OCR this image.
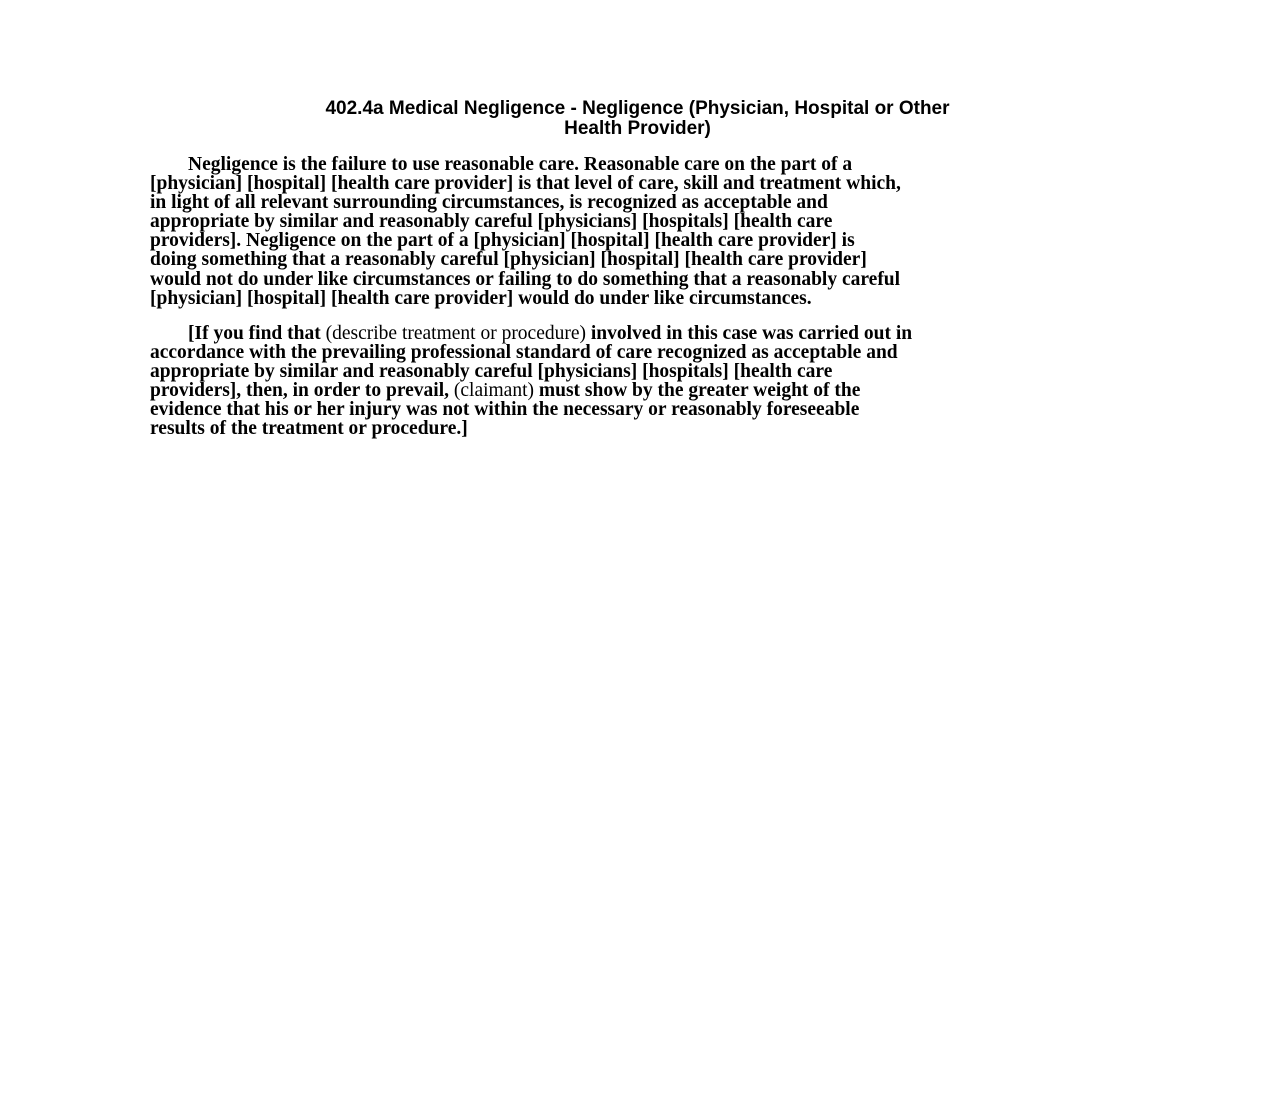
402.4a Medical Negligence - Negligence (Physician, Hospital or Other
Health Provider)
Negligence is the failure to use reasonable care. Reasonable care on the part of a
[physician] [hospital] [health care provider] is that level of care, skill and treatment which,
in light of all relevant surrounding circumstances, is recognized as acceptable and
appropriate by similar and reasonably careful [physicians] [hospitals] [health care
providers]. Negligence on the part of a [physician] [hospital] [health care provider] is
doing something that a reasonably careful [physician] [hospital] [health care provider]
would not do under like circumstances or failing to do something that a reasonably careful
[physician] [hospital] [health care provider] would do under like circumstances.
[If you find that (describe treatment or procedure) involved in this case was carried out in
accordance with the prevailing professional standard of care recognized as acceptable and
appropriate by similar and reasonably careful [physicians] [hospitals] [health care
providers], then, in order to prevail, (claimant) must show by the greater weight of the
evidence that his or her injury was not within the necessary or reasonably foreseeable
results of the treatment or procedure.]
